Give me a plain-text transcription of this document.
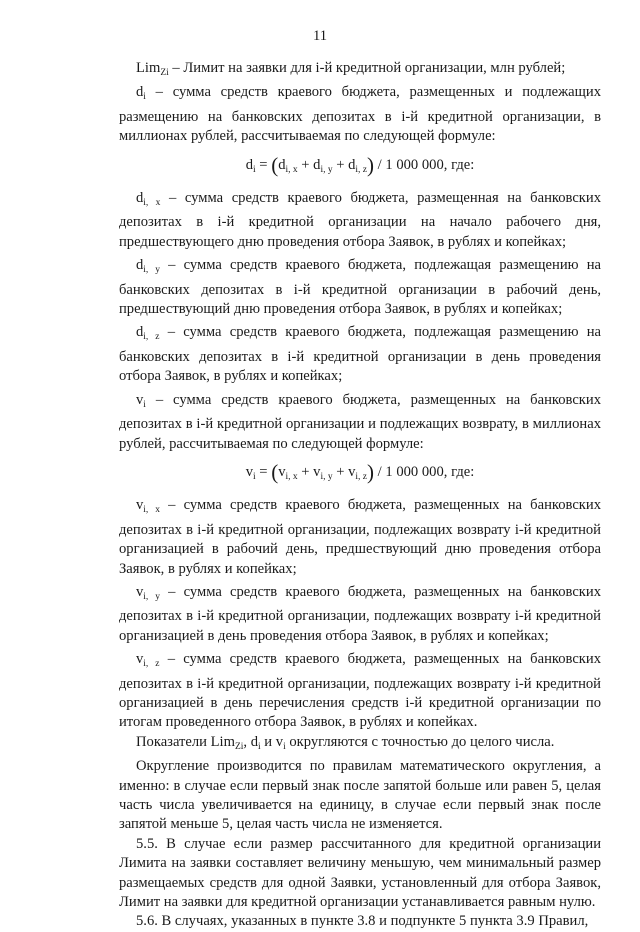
11

Lim$_{Zi}$ – Лимит на заявки для i-й кредитной организации, млн рублей;

$d_i$ – сумма средств краевого бюджета, размещенных и подлежащих размещению на банковских депозитах в i-й кредитной организации, в миллионах рублей, рассчитываемая по следующей формуле:

$d_i = (d_{i, x} + d_{i, y} + d_{i, z}) / 1$ 000 000, где:

$d_{i, x}$ – сумма средств краевого бюджета, размещенная на банковских депозитах в i-й кредитной организации на начало рабочего дня, предшествующего дню проведения отбора Заявок, в рублях и копейках;

$d_{i, y}$ – сумма средств краевого бюджета, подлежащая размещению на банковских депозитах в i-й кредитной организации в рабочий день, предшествующий дню проведения отбора Заявок, в рублях и копейках;

$d_{i, z}$ – сумма средств краевого бюджета, подлежащая размещению на банковских депозитах в i-й кредитной организации в день проведения отбора Заявок, в рублях и копейках;

$v_i$ – сумма средств краевого бюджета, размещенных на банковских депозитах в i-й кредитной организации и подлежащих возврату, в миллионах рублей, рассчитываемая по следующей формуле:

$v_i = (v_{i, x} + v_{i, y} + v_{i, z}) / 1$ 000 000, где:

$v_{i, x}$ – сумма средств краевого бюджета, размещенных на банковских депозитах в i-й кредитной организации, подлежащих возврату i-й кредитной организацией в рабочий день, предшествующий дню проведения отбора Заявок, в рублях и копейках;

$v_{i, y}$ – сумма средств краевого бюджета, размещенных на банковских депозитах в i-й кредитной организации, подлежащих возврату i-й кредитной организацией в день проведения отбора Заявок, в рублях и копейках;

$v_{i, z}$ – сумма средств краевого бюджета, размещенных на банковских депозитах в i-й кредитной организации, подлежащих возврату i-й кредитной организацией в день перечисления средств i-й кредитной организации по итогам проведенного отбора Заявок, в рублях и копейках.

Показатели Lim$_{Zi}$, $d_i$ и $v_i$ округляются с точностью до целого числа.

Округление производится по правилам математического округления, а именно: в случае если первый знак после запятой больше или равен 5, целая часть числа увеличивается на единицу, в случае если первый знак после запятой меньше 5, целая часть числа не изменяется.

5.5. В случае если размер рассчитанного для кредитной организации Лимита на заявки составляет величину меньшую, чем минимальный размер размещаемых средств для одной Заявки, установленный для отбора Заявок, Лимит на заявки для кредитной организации устанавливается равным нулю.

5.6. В случаях, указанных в пункте 3.8 и подпункте 5 пункта 3.9 Правил,
